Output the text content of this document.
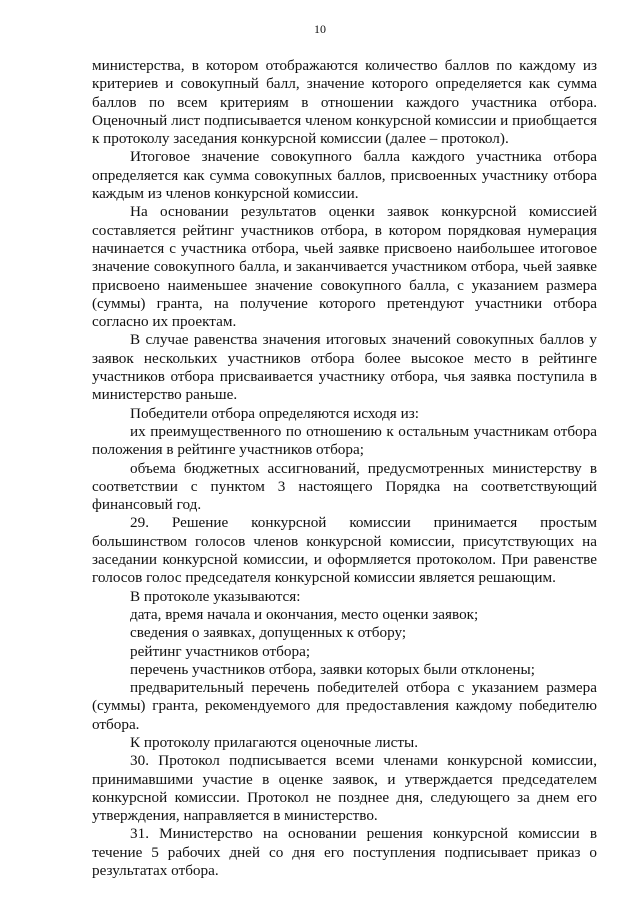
10

министерства, в котором отображаются количество баллов по каждому из критериев и совокупный балл, значение которого определяется как сумма баллов по всем критериям в отношении каждого участника отбора. Оценочный лист подписывается членом конкурсной комиссии и приобщается к протоколу заседания конкурсной комиссии (далее – протокол).

Итоговое значение совокупного балла каждого участника отбора определяется как сумма совокупных баллов, присвоенных участнику отбора каждым из членов конкурсной комиссии.

На основании результатов оценки заявок конкурсной комиссией составляется рейтинг участников отбора, в котором порядковая нумерация начинается с участника отбора, чьей заявке присвоено наибольшее итоговое значение совокупного балла, и заканчивается участником отбора, чьей заявке присвоено наименьшее значение совокупного балла, с указанием размера (суммы) гранта, на получение которого претендуют участники отбора согласно их проектам.

В случае равенства значения итоговых значений совокупных баллов у заявок нескольких участников отбора более высокое место в рейтинге участников отбора присваивается участнику отбора, чья заявка поступила в министерство раньше.

Победители отбора определяются исходя из:

их преимущественного по отношению к остальным участникам отбора положения в рейтинге участников отбора;

объема бюджетных ассигнований, предусмотренных министерству в соответствии с пунктом 3 настоящего Порядка на соответствующий финансовый год.

29. Решение конкурсной комиссии принимается простым большинством голосов членов конкурсной комиссии, присутствующих на заседании конкурсной комиссии, и оформляется протоколом. При равенстве голосов голос председателя конкурсной комиссии является решающим.

В протоколе указываются:

дата, время начала и окончания, место оценки заявок;

сведения о заявках, допущенных к отбору;

рейтинг участников отбора;

перечень участников отбора, заявки которых были отклонены;

предварительный перечень победителей отбора с указанием размера (суммы) гранта, рекомендуемого для предоставления каждому победителю отбора.

К протоколу прилагаются оценочные листы.

30. Протокол подписывается всеми членами конкурсной комиссии, принимавшими участие в оценке заявок, и утверждается председателем конкурсной комиссии. Протокол не позднее дня, следующего за днем его утверждения, направляется в министерство.

31. Министерство на основании решения конкурсной комиссии в течение 5 рабочих дней со дня его поступления подписывает приказ о результатах отбора.
